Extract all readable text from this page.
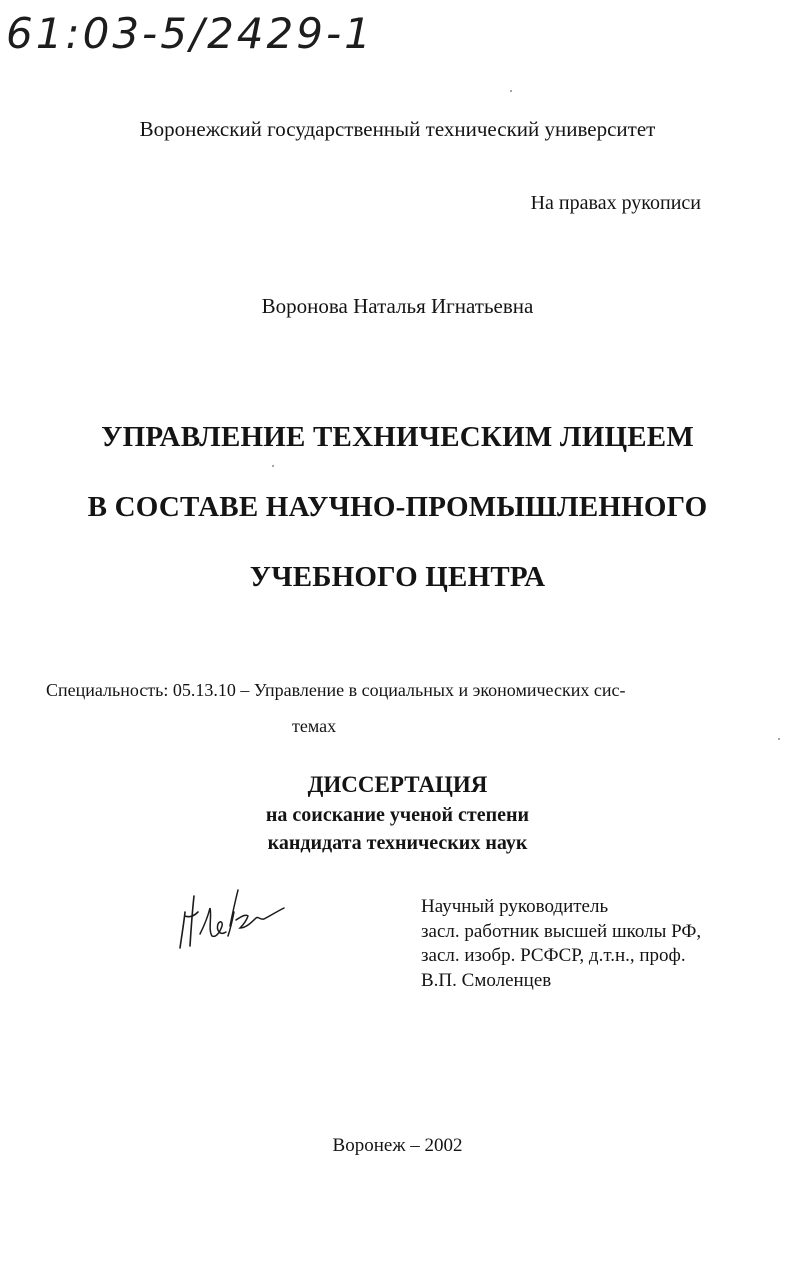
61:03-5/2429-1
Воронежский государственный технический университет
На правах рукописи
Воронова Наталья Игнатьевна
УПРАВЛЕНИЕ ТЕХНИЧЕСКИМ ЛИЦЕЕМ
В СОСТАВЕ НАУЧНО-ПРОМЫШЛЕННОГО
УЧЕБНОГО ЦЕНТРА
Специальность: 05.13.10 – Управление в социальных и экономических сис-
темах
ДИССЕРТАЦИЯ
на соискание ученой степени
кандидата технических наук
Научный руководитель
засл. работник высшей школы РФ,
засл. изобр. РСФСР, д.т.н., проф.
В.П. Смоленцев
Воронеж – 2002
